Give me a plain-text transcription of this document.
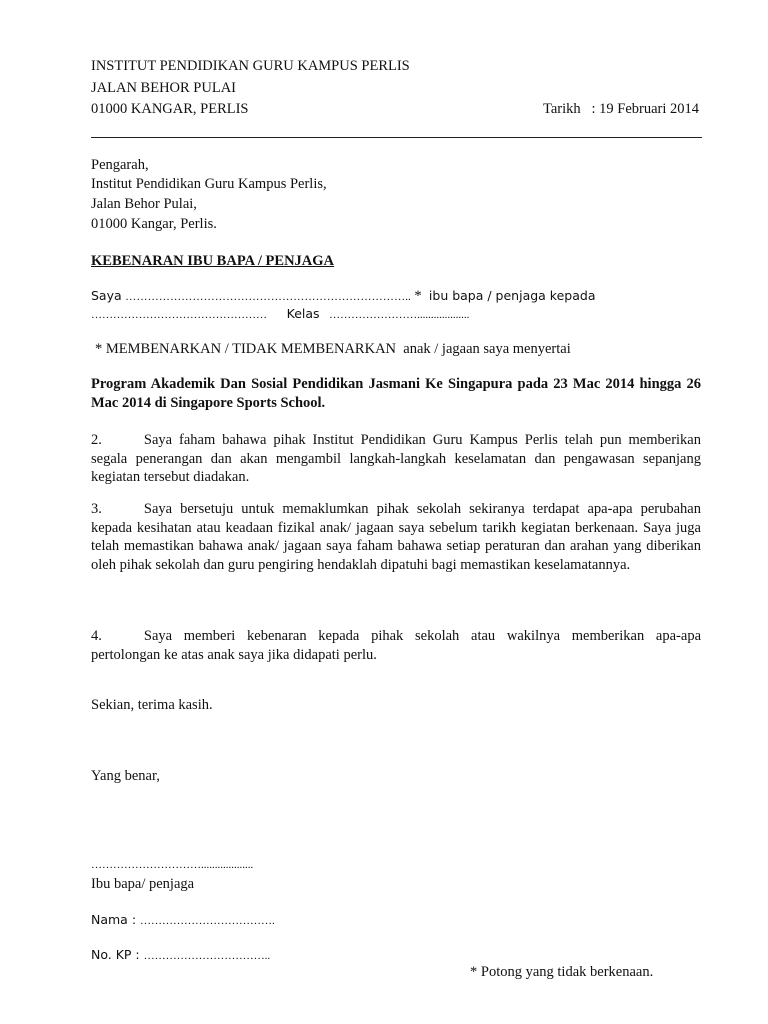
INSTITUT PENDIDIKAN GURU KAMPUS PERLIS
JALAN BEHOR PULAI
01000 KANGAR, PERLIS	Tarikh   : 19 Februari 2014
Pengarah,
Institut Pendidikan Guru Kampus Perlis,
Jalan Behor Pulai,
01000 Kangar, Perlis.
KEBENARAN IBU BAPA / PENJAGA
Saya ………………………………………………………………….. *  ibu bapa / penjaga kepada
………………………………………… Kelas ……………………...................
* MEMBENARKAN / TIDAK MEMBENARKAN  anak / jagaan saya menyertai
Program Akademik Dan Sosial Pendidikan Jasmani Ke Singapura pada 23 Mac 2014 hingga 26 Mac 2014 di Singapore Sports School.
2.	Saya faham bahawa pihak Institut Pendidikan Guru Kampus Perlis telah pun memberikan segala penerangan dan akan mengambil langkah-langkah keselamatan dan pengawasan sepanjang kegiatan tersebut diadakan.
3.	Saya bersetuju untuk memaklumkan pihak sekolah sekiranya terdapat apa-apa perubahan kepada kesihatan atau keadaan fizikal anak/ jagaan saya sebelum tarikh kegiatan berkenaan. Saya juga telah memastikan bahawa anak/ jagaan saya faham bahawa setiap peraturan dan arahan yang diberikan oleh pihak sekolah dan guru pengiring hendaklah dipatuhi bagi memastikan keselamatannya.
4.	Saya memberi kebenaran kepada pihak sekolah atau wakilnya memberikan apa-apa pertolongan ke atas anak saya jika didapati perlu.
Sekian, terima kasih.
Yang benar,
…………………………...................
Ibu bapa/ penjaga
Nama : ……………………………….
No. KP : ……………………………..
* Potong yang tidak berkenaan.
